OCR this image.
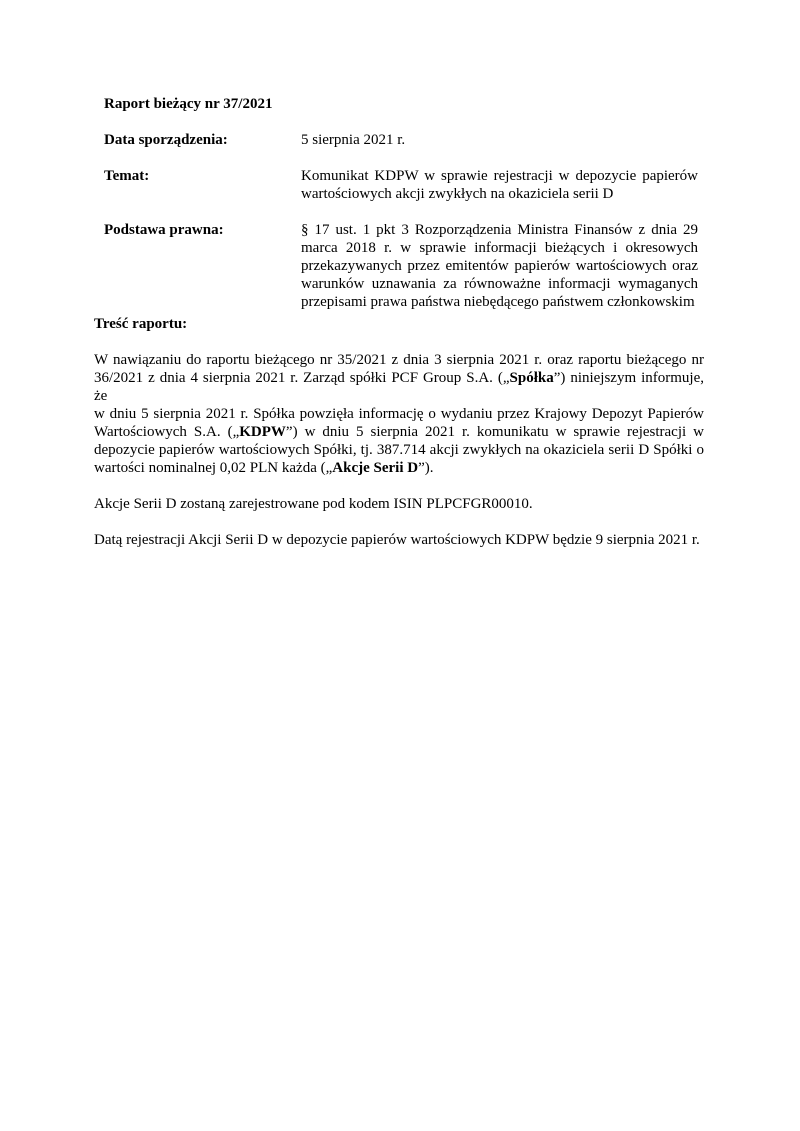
Raport bieżący nr 37/2021

Data sporządzenia:	5 sierpnia 2021 r.
Temat:	Komunikat KDPW w sprawie rejestracji w depozycie papierów
wartościowych akcji zwykłych na okaziciela serii D
Podstawa prawna:	§ 17 ust. 1 pkt 3 Rozporządzenia Ministra Finansów z dnia 29
marca 2018 r. w sprawie informacji bieżących i okresowych
przekazywanych przez emitentów papierów wartościowych oraz
warunków uznawania za równoważne informacji wymaganych
przepisami prawa państwa niebędącego państwem członkowskim

Treść raportu:

W nawiązaniu do raportu bieżącego nr 35/2021 z dnia 3 sierpnia 2021 r. oraz raportu bieżącego nr
36/2021 z dnia 4 sierpnia 2021 r. Zarząd spółki PCF Group S.A. („Spółka”) niniejszym informuje, że
w dniu 5 sierpnia 2021 r. Spółka powzięła informację o wydaniu przez Krajowy Depozyt Papierów
Wartościowych S.A. („KDPW”) w dniu 5 sierpnia 2021 r. komunikatu w sprawie rejestracji w
depozycie papierów wartościowych Spółki, tj. 387.714 akcji zwykłych na okaziciela serii D Spółki o
wartości nominalnej 0,02 PLN każda („Akcje Serii D”).

Akcje Serii D zostaną zarejestrowane pod kodem ISIN PLPCFGR00010.

Datą rejestracji Akcji Serii D w depozycie papierów wartościowych KDPW będzie 9 sierpnia 2021 r.
